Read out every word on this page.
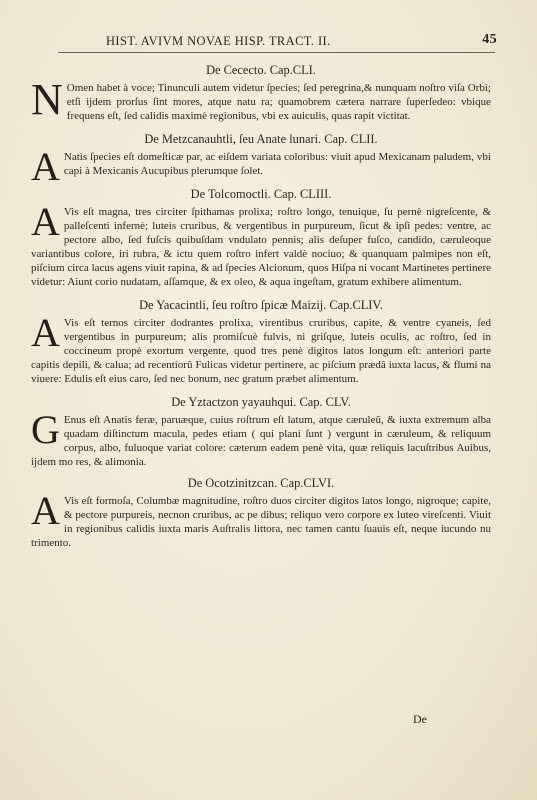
HIST. AVIVM NOVAE HISP. TRACT. II.	45
De Cececto. Cap.CLI.

N Omen habet à voce; Tinunculi autem videtur ſpecies; ſed peregrina,& nunquam noſtro viſa Orbi; etſi ijdem prorſus ſint mores, atque natu ra; quamobrem cætera narrare ſuperſedeo: vbique frequens eſt, ſed calidis maximè regionibus, vbi ex auiculis, quas rapit victitat.

De Metzcanauhtli, ſeu Anate lunari. Cap. CLII.

A Natis ſpecies eſt domeſticæ par, ac eiſdem variata coloribus: viuit apud Mexicanam paludem, vbi capi à Mexicanis Aucupibus plerumque ſolet.

De Tolcomoctli. Cap. CLIII.

A Vis eſt magna, tres circiter ſpithamas prolixa; roſtro longo, tenuique, ſu pernè nigreſcente, & palleſcenti infernè; luteis cruribus, & vergentibus in purpureum, ſicut & ipſi pedes: ventre, ac pectore albo, ſed fuſcis quibuſdam vndulato pennis; alis deſuper fuſco, candido, cæruleoque variantibus colore, iri rubra, & ictu quem roſtro infert valdè nociuo; & quanquam palmipes non eſt, piſcium circa lacus agens viuit rapina, & ad ſpecies Alcionum, quos Hiſpa ni vocant Martinetes pertinere videtur: Aiunt corio nudatam, aſſamque, & ex oleo, & aqua ingeſtam, gratum exhibere alimentum.

De Yacacintli, ſeu roſtro ſpicæ Maizij. Cap.CLIV.

A Vis eſt ternos circiter dodrantes prolixa, virentibus cruribus, capite, & ventre cyaneis, ſed vergentibus in purpureum; alis promiſcuè fulvis, ni griſque, luteis oculis, ac roſtro, ſed in coccineum propè exortum vergente, quod tres penè digitos latos longum eſt: anteriori parte capitis depili, & calua; ad recentiorũ Fulicas videtur pertinere, ac piſcium prædâ iuxta lacus, & flumi na viuere: Edulis eſt eius caro, ſed nec bonum, nec gratum præbet alimentum.

De Yztactzon yayauhqui. Cap. CLV.

G Enus eſt Anatis feræ, paruæque, cuius roſtrum eſt latum, atque cæruleũ, & iuxta extremum alba quadam diſtinctum macula, pedes etiam ( qui plani ſunt ) vergunt in cæruleum, & reliquum corpus, albo, fuluoque variat colore: cæterum eadem penè vita, quæ reliquis lacuſtribus Auibus, ijdem mo res, & alimonia.

De Ocotzinitzcan. Cap.CLVI.

A Vis eſt formoſa, Columbæ magnitudine, roſtro duos circiter digitos latos longo, nigroque; capite, & pectore purpureis, necnon cruribus, ac pe dibus; reliquo vero corpore ex luteo vireſcenti. Viuit in regionibus calidis iuxta maris Auſtralis littora, nec tamen cantu ſuauis eſt, neque iucundo nu trimento.

De
